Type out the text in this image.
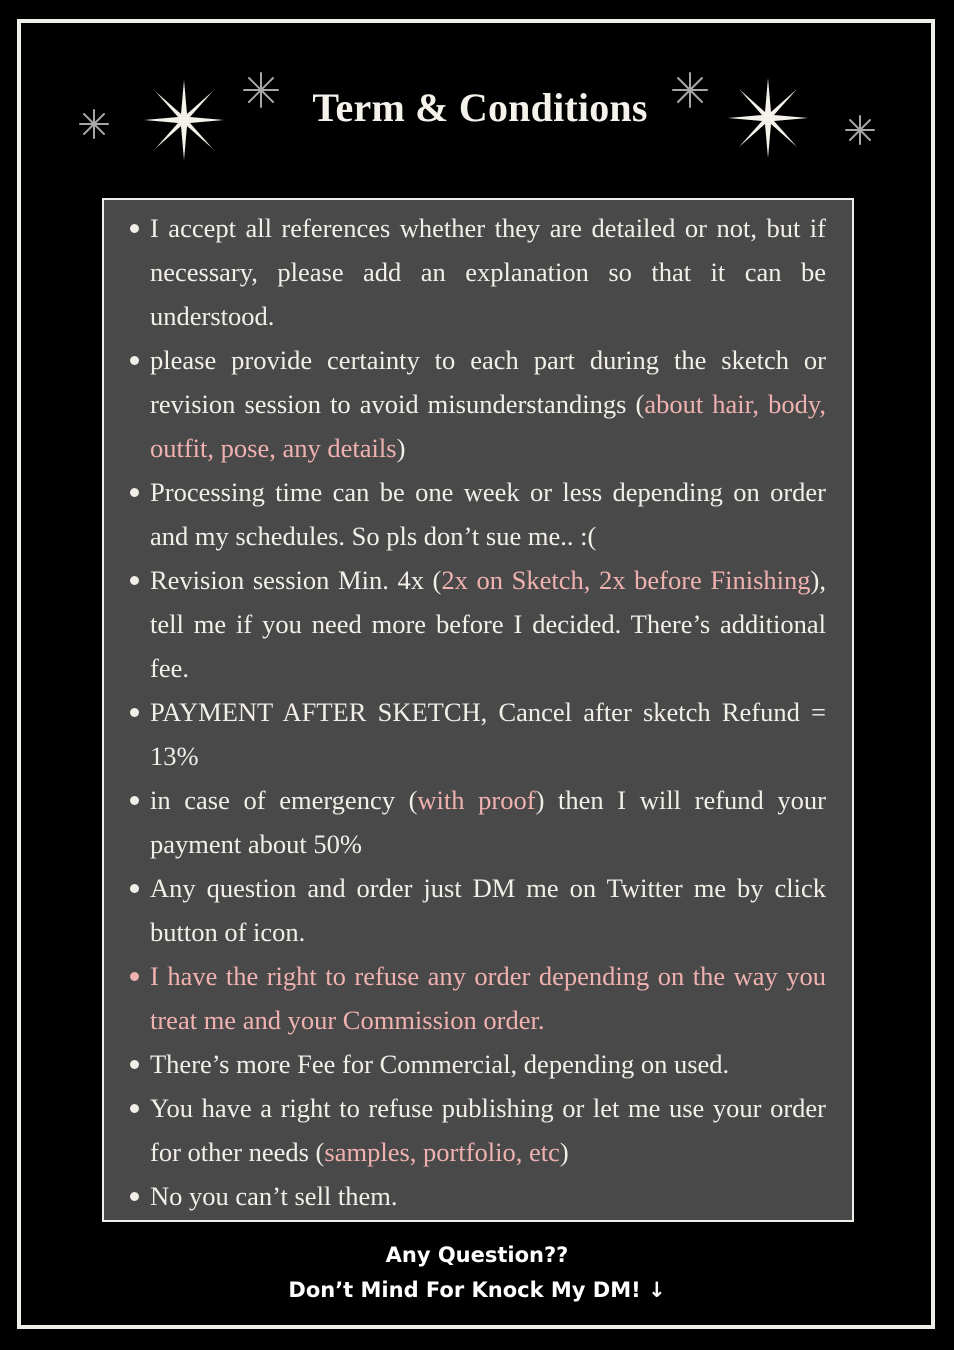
Term & Conditions
I accept all references whether they are detailed or not, but if necessary, please add an explanation so that it can be understood.
please provide certainty to each part during the sketch or revision session to avoid misunderstandings (about hair, body, outfit, pose, any details)
Processing time can be one week or less depending on order and my schedules. So pls don’t sue me.. :(
Revision session Min. 4x (2x on Sketch, 2x before Finishing), tell me if you need more before I decided. There’s additional fee.
PAYMENT AFTER SKETCH, Cancel after sketch Refund = 13%
in case of emergency (with proof) then I will refund your payment about 50%
Any question and order just DM me on Twitter me by click button of icon.
I have the right to refuse any order depending on the way you treat me and your Commission order.
There’s more Fee for Commercial, depending on used.
You have a right to refuse publishing or let me use your order for other needs (samples, portfolio, etc)
No you can’t sell them.
Any Question??
Don’t Mind For Knock My DM! ↓
